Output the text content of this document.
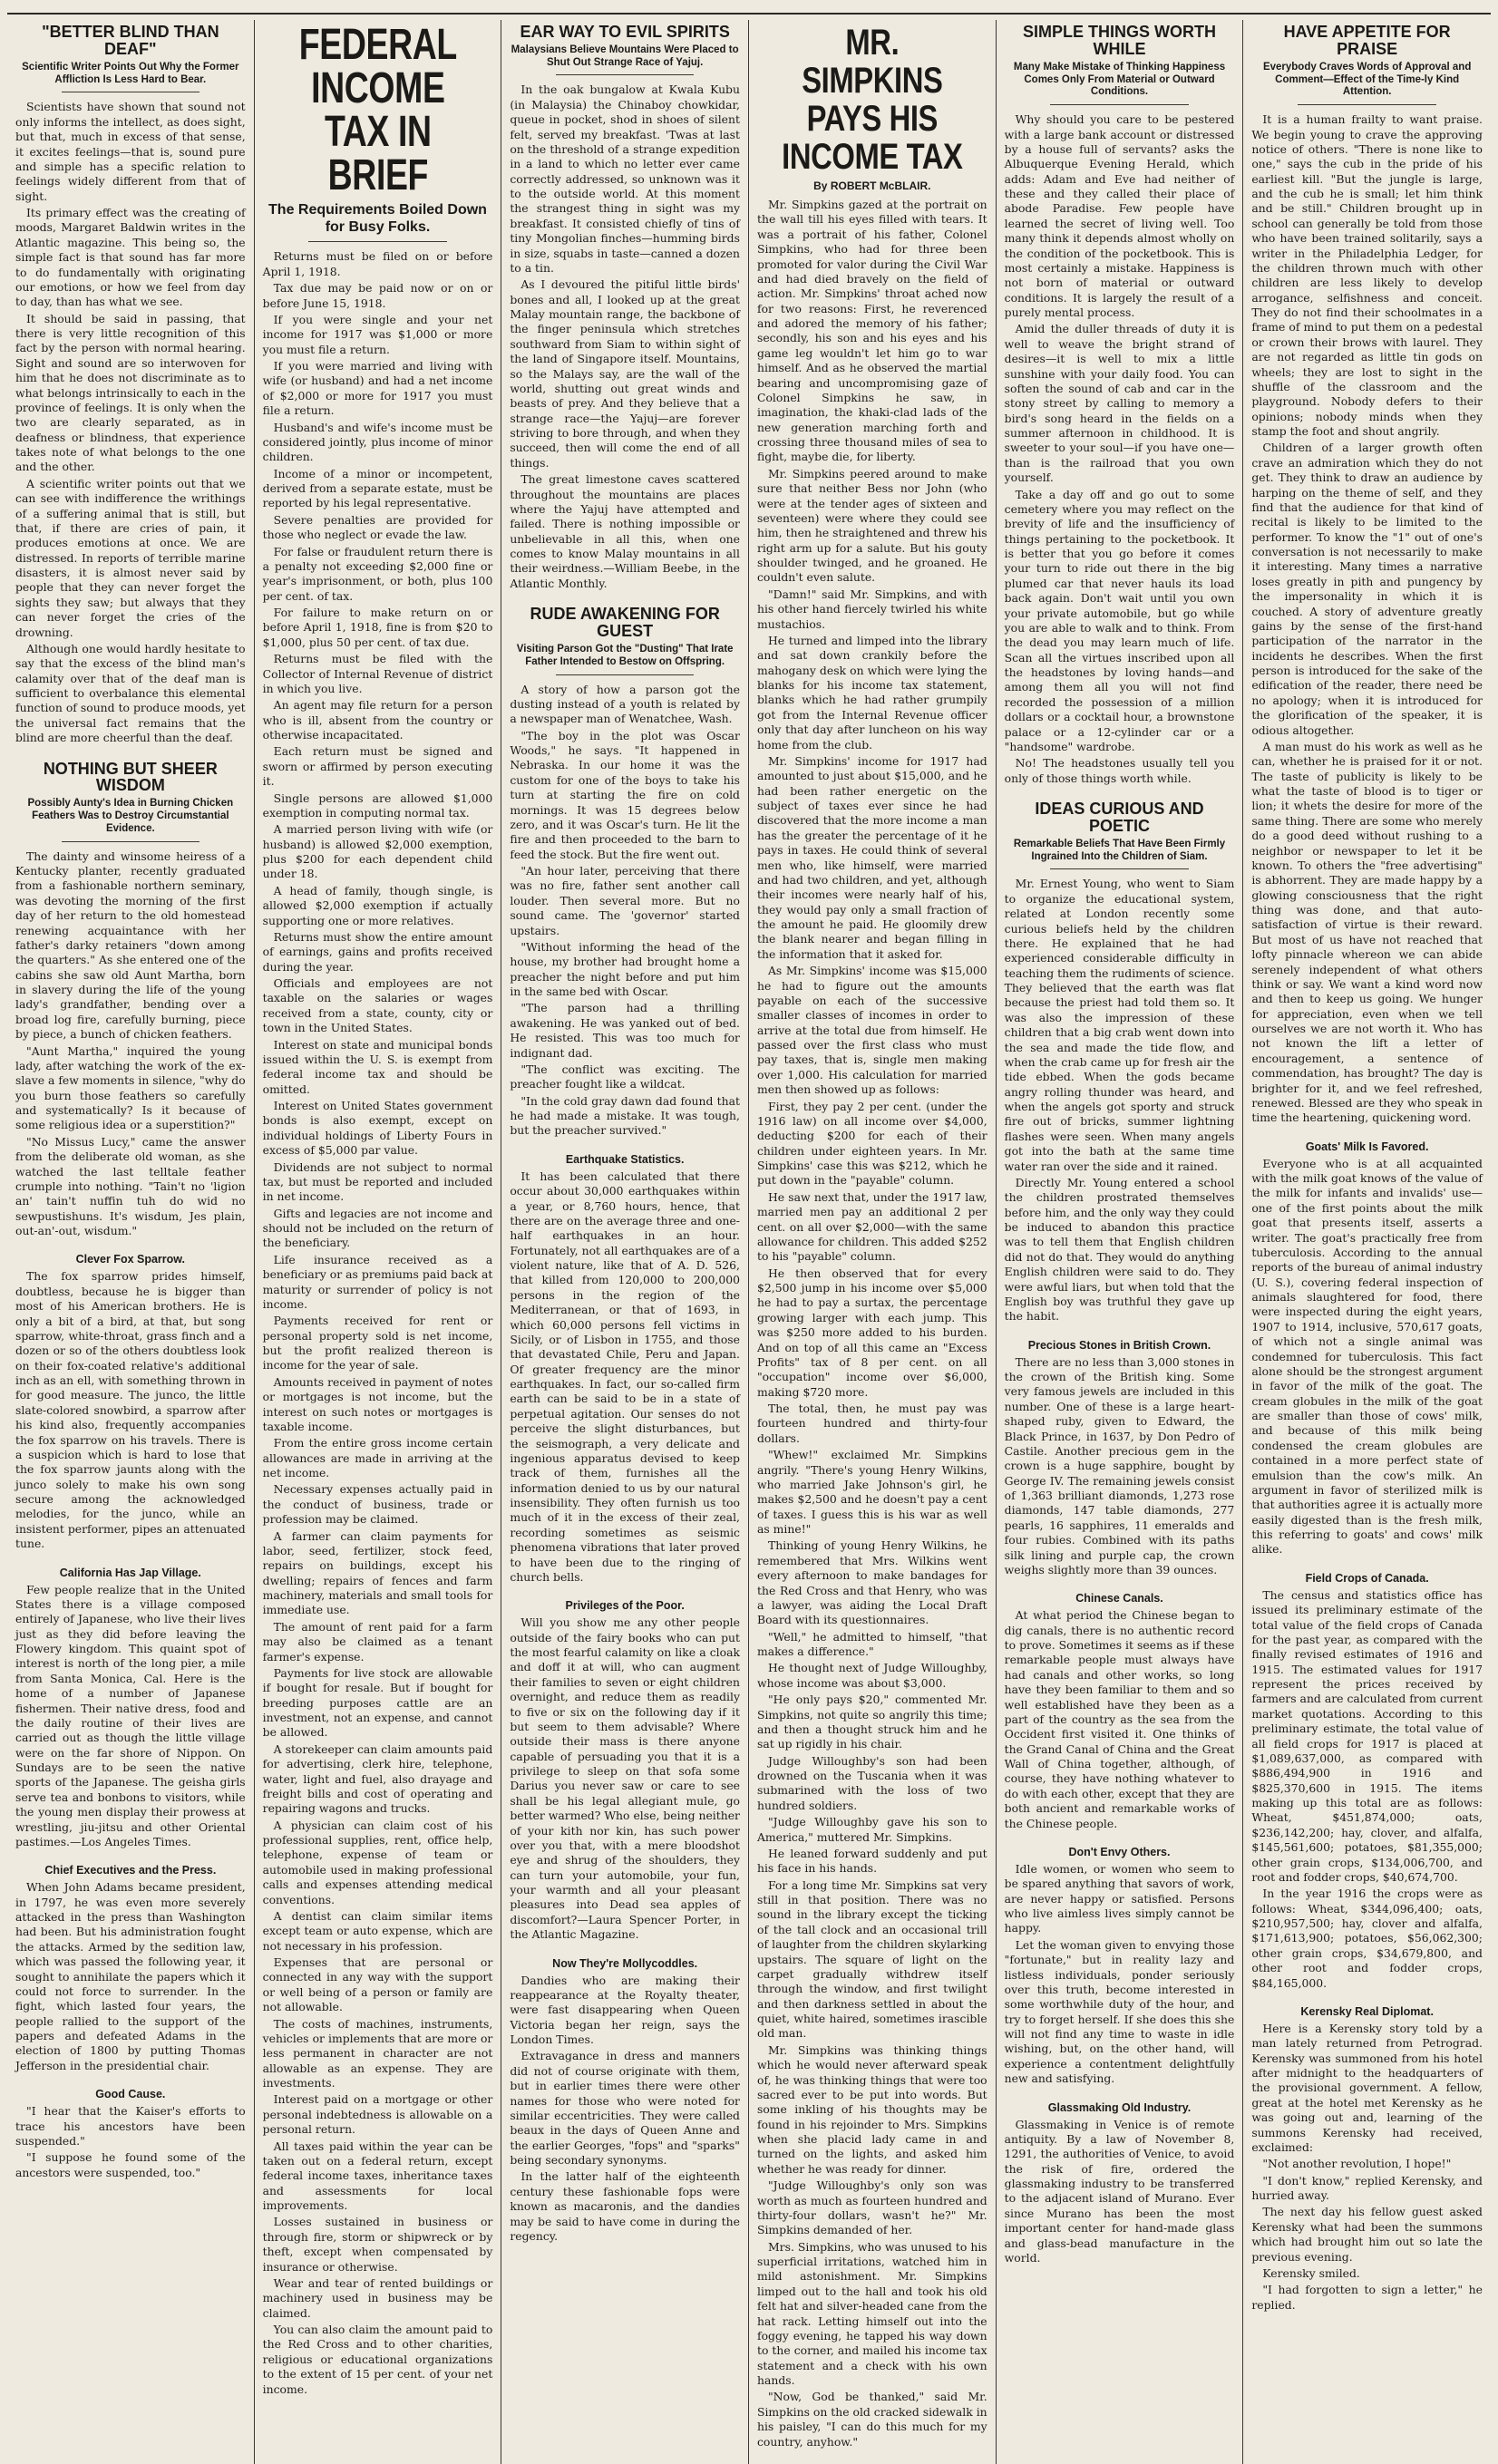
"BETTER BLIND THAN DEAF"
Scientific Writer Points Out Why the Former Affliction Is Less Hard to Bear.

Scientists have shown that sound not only informs the intellect, as does sight, but that, much in excess of that sense, it excites feelings—that is, sound pure and simple has a specific relation to feelings widely different from that of sight.

Its primary effect was the creating of moods, Margaret Baldwin writes in the Atlantic magazine. This being so, the simple fact is that sound has far more to do fundamentally with originating our emotions, or how we feel from day to day, than has what we see.

It should be said in passing, that there is very little recognition of this fact by the person with normal hearing. Sight and sound are so interwoven for him that he does not discriminate as to what belongs intrinsically to each in the province of feelings. It is only when the two are clearly separated, as in deafness or blindness, that experience takes note of what belongs to the one and the other.

A scientific writer points out that we can see with indifference the writhings of a suffering animal that is still, but that, if there are cries of pain, it produces emotions at once. We are distressed. In reports of terrible marine disasters, it is almost never said by people that they can never forget the sights they saw; but always that they can never forget the cries of the drowning.

Although one would hardly hesitate to say that the excess of the blind man's calamity over that of the deaf man is sufficient to overbalance this elemental function of sound to produce moods, yet the universal fact remains that the blind are more cheerful than the deaf.

NOTHING BUT SHEER WISDOM
Possibly Aunty's Idea in Burning Chicken Feathers Was to Destroy Circumstantial Evidence.

The dainty and winsome heiress of a Kentucky planter, recently graduated from a fashionable northern seminary, was devoting the morning of the first day of her return to the old homestead renewing acquaintance with her father's darky retainers "down among the quarters." As she entered one of the cabins she saw old Aunt Martha, born in slavery during the life of the young lady's grandfather, bending over a broad log fire, carefully burning, piece by piece, a bunch of chicken feathers.

"Aunt Martha," inquired the young lady, after watching the work of the ex-slave a few moments in silence, "why do you burn those feathers so carefully and systematically? Is it because of some religious idea or a superstition?"

"No Missus Lucy," came the answer from the deliberate old woman, as she watched the last telltale feather crumple into nothing. "Tain't no 'ligion an' tain't nuffin tuh do wid no sewpustishuns. It's wisdum, Jes plain, out-an'-out, wisdum."

Clever Fox Sparrow.

The fox sparrow prides himself, doubtless, because he is bigger than most of his American brothers. He is only a bit of a bird, at that, but song sparrow, white-throat, grass finch and a dozen or so of the others doubtless look on their fox-coated relative's additional inch as an ell, with something thrown in for good measure. The junco, the little slate-colored snowbird, a sparrow after his kind also, frequently accompanies the fox sparrow on his travels. There is a suspicion which is hard to lose that the fox sparrow jaunts along with the junco solely to make his own song secure among the acknowledged melodies, for the junco, while an insistent performer, pipes an attenuated tune.

California Has Jap Village.

Few people realize that in the United States there is a village composed entirely of Japanese, who live their lives just as they did before leaving the Flowery kingdom. This quaint spot of interest is north of the long pier, a mile from Santa Monica, Cal. Here is the home of a number of Japanese fishermen. Their native dress, food and the daily routine of their lives are carried out as though the little village were on the far shore of Nippon. On Sundays are to be seen the native sports of the Japanese. The geisha girls serve tea and bonbons to visitors, while the young men display their prowess at wrestling, jiu-jitsu and other Oriental pastimes.—Los Angeles Times.

Chief Executives and the Press.

When John Adams became president, in 1797, he was even more severely attacked in the press than Washington had been. But his administration fought the attacks. Armed by the sedition law, which was passed the following year, it sought to annihilate the papers which it could not force to surrender. In the fight, which lasted four years, the people rallied to the support of the papers and defeated Adams in the election of 1800 by putting Thomas Jefferson in the presidential chair.

Good Cause.

"I hear that the Kaiser's efforts to trace his ancestors have been suspended."

"I suppose he found some of the ancestors were suspended, too."

FEDERAL INCOME TAX IN BRIEF
The Requirements Boiled Down for Busy Folks.

Returns must be filed on or before April 1, 1918.

Tax due may be paid now or on or before June 15, 1918.

If you were single and your net income for 1917 was $1,000 or more you must file a return.

If you were married and living with wife (or husband) and had a net income of $2,000 or more for 1917 you must file a return.

Husband's and wife's income must be considered jointly, plus income of minor children.

Income of a minor or incompetent, derived from a separate estate, must be reported by his legal representative.

Severe penalties are provided for those who neglect or evade the law.

For false or fraudulent return there is a penalty not exceeding $2,000 fine or year's imprisonment, or both, plus 100 per cent. of tax.

For failure to make return on or before April 1, 1918, fine is from $20 to $1,000, plus 50 per cent. of tax due.

Returns must be filed with the Collector of Internal Revenue of district in which you live.

An agent may file return for a person who is ill, absent from the country or otherwise incapacitated.

Each return must be signed and sworn or affirmed by person executing it.

Single persons are allowed $1,000 exemption in computing normal tax.

A married person living with wife (or husband) is allowed $2,000 exemption, plus $200 for each dependent child under 18.

A head of family, though single, is allowed $2,000 exemption if actually supporting one or more relatives.

Returns must show the entire amount of earnings, gains and profits received during the year.

Officials and employees are not taxable on the salaries or wages received from a state, county, city or town in the United States.

Interest on state and municipal bonds issued within the U. S. is exempt from federal income tax and should be omitted.

Interest on United States government bonds is also exempt, except on individual holdings of Liberty Fours in excess of $5,000 par value.

Dividends are not subject to normal tax, but must be reported and included in net income.

Gifts and legacies are not income and should not be included on the return of the beneficiary.

Life insurance received as a beneficiary or as premiums paid back at maturity or surrender of policy is not income.

Payments received for rent or personal property sold is net income, but the profit realized thereon is income for the year of sale.

Amounts received in payment of notes or mortgages is not income, but the interest on such notes or mortgages is taxable income.

From the entire gross income certain allowances are made in arriving at the net income.

Necessary expenses actually paid in the conduct of business, trade or profession may be claimed.

A farmer can claim payments for labor, seed, fertilizer, stock feed, repairs on buildings, except his dwelling; repairs of fences and farm machinery, materials and small tools for immediate use.

The amount of rent paid for a farm may also be claimed as a tenant farmer's expense.

Payments for live stock are allowable if bought for resale. But if bought for breeding purposes cattle are an investment, not an expense, and cannot be allowed.

A storekeeper can claim amounts paid for advertising, clerk hire, telephone, water, light and fuel, also drayage and freight bills and cost of operating and repairing wagons and trucks.

A physician can claim cost of his professional supplies, rent, office help, telephone, expense of team or automobile used in making professional calls and expenses attending medical conventions.

A dentist can claim similar items except team or auto expense, which are not necessary in his profession.

Expenses that are personal or connected in any way with the support or well being of a person or family are not allowable.

The costs of machines, instruments, vehicles or implements that are more or less permanent in character are not allowable as an expense. They are investments.

Interest paid on a mortgage or other personal indebtedness is allowable on a personal return.

All taxes paid within the year can be taken out on a federal return, except federal income taxes, inheritance taxes and assessments for local improvements.

Losses sustained in business or through fire, storm or shipwreck or by theft, except when compensated by insurance or otherwise.

Wear and tear of rented buildings or machinery used in business may be claimed.

You can also claim the amount paid to the Red Cross and to other charities, religious or educational organizations to the extent of 15 per cent. of your net income.

EAR WAY TO EVIL SPIRITS
Malaysians Believe Mountains Were Placed to Shut Out Strange Race of Yajuj.

In the oak bungalow at Kwala Kubu (in Malaysia) the Chinaboy chowkidar, queue in pocket, shod in shoes of silent felt, served my breakfast. 'Twas at last on the threshold of a strange expedition in a land to which no letter ever came correctly addressed, so unknown was it to the outside world. At this moment the strangest thing in sight was my breakfast. It consisted chiefly of tins of tiny Mongolian finches—humming birds in size, squabs in taste—canned a dozen to a tin.

As I devoured the pitiful little birds' bones and all, I looked up at the great Malay mountain range, the backbone of the finger peninsula which stretches southward from Siam to within sight of the land of Singapore itself. Mountains, so the Malays say, are the wall of the world, shutting out great winds and beasts of prey. And they believe that a strange race—the Yajuj—are forever striving to bore through, and when they succeed, then will come the end of all things.

The great limestone caves scattered throughout the mountains are places where the Yajuj have attempted and failed. There is nothing impossible or unbelievable in all this, when one comes to know Malay mountains in all their weirdness.—William Beebe, in the Atlantic Monthly.

RUDE AWAKENING FOR GUEST
Visiting Parson Got the "Dusting" That Irate Father Intended to Bestow on Offspring.

A story of how a parson got the dusting instead of a youth is related by a newspaper man of Wenatchee, Wash.

"The boy in the plot was Oscar Woods," he says. "It happened in Nebraska. In our home it was the custom for one of the boys to take his turn at starting the fire on cold mornings. It was 15 degrees below zero, and it was Oscar's turn. He lit the fire and then proceeded to the barn to feed the stock. But the fire went out.

"An hour later, perceiving that there was no fire, father sent another call louder. Then several more. But no sound came. The 'governor' started upstairs.

"Without informing the head of the house, my brother had brought home a preacher the night before and put him in the same bed with Oscar.

"The parson had a thrilling awakening. He was yanked out of bed. He resisted. This was too much for indignant dad.

"The conflict was exciting. The preacher fought like a wildcat.

"In the cold gray dawn dad found that he had made a mistake. It was tough, but the preacher survived."

Earthquake Statistics.

It has been calculated that there occur about 30,000 earthquakes within a year, or 8,760 hours, hence, that there are on the average three and one-half earthquakes in an hour. Fortunately, not all earthquakes are of a violent nature, like that of A. D. 526, that killed from 120,000 to 200,000 persons in the region of the Mediterranean, or that of 1693, in which 60,000 persons fell victims in Sicily, or of Lisbon in 1755, and those that devastated Chile, Peru and Japan. Of greater frequency are the minor earthquakes. In fact, our so-called firm earth can be said to be in a state of perpetual agitation. Our senses do not perceive the slight disturbances, but the seismograph, a very delicate and ingenious apparatus devised to keep track of them, furnishes all the information denied to us by our natural insensibility. They often furnish us too much of it in the excess of their zeal, recording sometimes as seismic phenomena vibrations that later proved to have been due to the ringing of church bells.

Privileges of the Poor.

Will you show me any other people outside of the fairy books who can put the most fearful calamity on like a cloak and doff it at will, who can augment their families to seven or eight children overnight, and reduce them as readily to five or six on the following day if it but seem to them advisable? Where outside their mass is there anyone capable of persuading you that it is a privilege to sleep on that sofa some Darius you never saw or care to see shall be his legal allegiant mule, go better warmed? Who else, being neither of your kith nor kin, has such power over you that, with a mere bloodshot eye and shrug of the shoulders, they can turn your automobile, your fun, your warmth and all your pleasant pleasures into Dead sea apples of discomfort?—Laura Spencer Porter, in the Atlantic Magazine.

Now They're Mollycoddles.

Dandies who are making their reappearance at the Royalty theater, were fast disappearing when Queen Victoria began her reign, says the London Times.

Extravagance in dress and manners did not of course originate with them, but in earlier times there were other names for those who were noted for similar eccentricities. They were called beaux in the days of Queen Anne and the earlier Georges, "fops" and "sparks" being secondary synonyms.

In the latter half of the eighteenth century these fashionable fops were known as macaronis, and the dandies may be said to have come in during the regency.

MR. SIMPKINS PAYS HIS INCOME TAX
By ROBERT McBLAIR.

Mr. Simpkins gazed at the portrait on the wall till his eyes filled with tears. It was a portrait of his father, Colonel Simpkins, who had for three been promoted for valor during the Civil War and had died bravely on the field of action. Mr. Simpkins' throat ached now for two reasons: First, he reverenced and adored the memory of his father; secondly, his son and his eyes and his game leg wouldn't let him go to war himself. And as he observed the martial bearing and uncompromising gaze of Colonel Simpkins he saw, in imagination, the khaki-clad lads of the new generation marching forth and crossing three thousand miles of sea to fight, maybe die, for liberty.

Mr. Simpkins peered around to make sure that neither Bess nor John (who were at the tender ages of sixteen and seventeen) were where they could see him, then he straightened and threw his right arm up for a salute. But his gouty shoulder twinged, and he groaned. He couldn't even salute.

"Damn!" said Mr. Simpkins, and with his other hand fiercely twirled his white mustachios.

He turned and limped into the library and sat down crankily before the mahogany desk on which were lying the blanks for his income tax statement, blanks which he had rather grumpily got from the Internal Revenue officer only that day after luncheon on his way home from the club.

Mr. Simpkins' income for 1917 had amounted to just about $15,000, and he had been rather energetic on the subject of taxes ever since he had discovered that the more income a man has the greater the percentage of it he pays in taxes. He could think of several men who, like himself, were married and had two children, and yet, although their incomes were nearly half of his, they would pay only a small fraction of the amount he paid. He gloomily drew the blank nearer and began filling in the information that it asked for.

As Mr. Simpkins' income was $15,000 he had to figure out the amounts payable on each of the successive smaller classes of incomes in order to arrive at the total due from himself. He passed over the first class who must pay taxes, that is, single men making over 1,000. His calculation for married men then showed up as follows:

First, they pay 2 per cent. (under the 1916 law) on all income over $4,000, deducting $200 for each of their children under eighteen years. In Mr. Simpkins' case this was $212, which he put down in the "payable" column.

He saw next that, under the 1917 law, married men pay an additional 2 per cent. on all over $2,000—with the same allowance for children. This added $252 to his "payable" column.

He then observed that for every $2,500 jump in his income over $5,000 he had to pay a surtax, the percentage growing larger with each jump. This was $250 more added to his burden. And on top of all this came an "Excess Profits" tax of 8 per cent. on all "occupation" income over $6,000, making $720 more.

The total, then, he must pay was fourteen hundred and thirty-four dollars.

"Whew!" exclaimed Mr. Simpkins angrily. "There's young Henry Wilkins, who married Jake Johnson's girl, he makes $2,500 and he doesn't pay a cent of taxes. I guess this is his war as well as mine!"

Thinking of young Henry Wilkins, he remembered that Mrs. Wilkins went every afternoon to make bandages for the Red Cross and that Henry, who was a lawyer, was aiding the Local Draft Board with its questionnaires.

"Well," he admitted to himself, "that makes a difference."

He thought next of Judge Willoughby, whose income was about $3,000.

"He only pays $20," commented Mr. Simpkins, not quite so angrily this time; and then a thought struck him and he sat up rigidly in his chair.

Judge Willoughby's son had been drowned on the Tuscania when it was submarined with the loss of two hundred soldiers.

"Judge Willoughby gave his son to America," muttered Mr. Simpkins.

He leaned forward suddenly and put his face in his hands.

For a long time Mr. Simpkins sat very still in that position. There was no sound in the library except the ticking of the tall clock and an occasional trill of laughter from the children skylarking upstairs. The square of light on the carpet gradually withdrew itself through the window, and first twilight and then darkness settled in about the quiet, white haired, sometimes irascible old man.

Mr. Simpkins was thinking things which he would never afterward speak of, he was thinking things that were too sacred ever to be put into words. But some inkling of his thoughts may be found in his rejoinder to Mrs. Simpkins when she placid lady came in and turned on the lights, and asked him whether he was ready for dinner.

"Judge Willoughby's only son was worth as much as fourteen hundred and thirty-four dollars, wasn't he?" Mr. Simpkins demanded of her.

Mrs. Simpkins, who was unused to his superficial irritations, watched him in mild astonishment. Mr. Simpkins limped out to the hall and took his old felt hat and silver-headed cane from the hat rack. Letting himself out into the foggy evening, he tapped his way down to the corner, and mailed his income tax statement and a check with his own hands.

"Now, God be thanked," said Mr. Simpkins on the old cracked sidewalk in his paisley, "I can do this much for my country, anyhow."

SIMPLE THINGS WORTH WHILE
Many Make Mistake of Thinking Happiness Comes Only From Material or Outward Conditions.

Why should you care to be pestered with a large bank account or distressed by a house full of servants? asks the Albuquerque Evening Herald, which adds: Adam and Eve had neither of these and they called their place of abode Paradise. Few people have learned the secret of living well. Too many think it depends almost wholly on the condition of the pocketbook. This is most certainly a mistake. Happiness is not born of material or outward conditions. It is largely the result of a purely mental process.

Amid the duller threads of duty it is well to weave the bright strand of desires—it is well to mix a little sunshine with your daily food. You can soften the sound of cab and car in the stony street by calling to memory a bird's song heard in the fields on a summer afternoon in childhood. It is sweeter to your soul—if you have one—than is the railroad that you own yourself.

Take a day off and go out to some cemetery where you may reflect on the brevity of life and the insufficiency of things pertaining to the pocketbook. It is better that you go before it comes your turn to ride out there in the big plumed car that never hauls its load back again. Don't wait until you own your private automobile, but go while you are able to walk and to think. From the dead you may learn much of life. Scan all the virtues inscribed upon all the headstones by loving hands—and among them all you will not find recorded the possession of a million dollars or a cocktail hour, a brownstone palace or a 12-cylinder car or a "handsome" wardrobe.

No! The headstones usually tell you only of those things worth while.

IDEAS CURIOUS AND POETIC
Remarkable Beliefs That Have Been Firmly Ingrained Into the Children of Siam.

Mr. Ernest Young, who went to Siam to organize the educational system, related at London recently some curious beliefs held by the children there. He explained that he had experienced considerable difficulty in teaching them the rudiments of science. They believed that the earth was flat because the priest had told them so. It was also the impression of these children that a big crab went down into the sea and made the tide flow, and when the crab came up for fresh air the tide ebbed. When the gods became angry rolling thunder was heard, and when the angels got sporty and struck fire out of bricks, summer lightning flashes were seen. When many angels got into the bath at the same time water ran over the side and it rained.

Directly Mr. Young entered a school the children prostrated themselves before him, and the only way they could be induced to abandon this practice was to tell them that English children did not do that. They would do anything English children were said to do. They were awful liars, but when told that the English boy was truthful they gave up the habit.

Precious Stones in British Crown.

There are no less than 3,000 stones in the crown of the British king. Some very famous jewels are included in this number. One of these is a large heart-shaped ruby, given to Edward, the Black Prince, in 1637, by Don Pedro of Castile. Another precious gem in the crown is a huge sapphire, bought by George IV. The remaining jewels consist of 1,363 brilliant diamonds, 1,273 rose diamonds, 147 table diamonds, 277 pearls, 16 sapphires, 11 emeralds and four rubies. Combined with its paths silk lining and purple cap, the crown weighs slightly more than 39 ounces.

Chinese Canals.

At what period the Chinese began to dig canals, there is no authentic record to prove. Sometimes it seems as if these remarkable people must always have had canals and other works, so long have they been familiar to them and so well established have they been as a part of the country as the sea from the Occident first visited it. One thinks of the Grand Canal of China and the Great Wall of China together, although, of course, they have nothing whatever to do with each other, except that they are both ancient and remarkable works of the Chinese people.

Don't Envy Others.

Idle women, or women who seem to be spared anything that savors of work, are never happy or satisfied. Persons who live aimless lives simply cannot be happy.

Let the woman given to envying those "fortunate," but in reality lazy and listless individuals, ponder seriously over this truth, become interested in some worthwhile duty of the hour, and try to forget herself. If she does this she will not find any time to waste in idle wishing, but, on the other hand, will experience a contentment delightfully new and satisfying.

Glassmaking Old Industry.

Glassmaking in Venice is of remote antiquity. By a law of November 8, 1291, the authorities of Venice, to avoid the risk of fire, ordered the glassmaking industry to be transferred to the adjacent island of Murano. Ever since Murano has been the most important center for hand-made glass and glass-bead manufacture in the world.

HAVE APPETITE FOR PRAISE
Everybody Craves Words of Approval and Comment—Effect of the Time-ly Kind Attention.

It is a human frailty to want praise. We begin young to crave the approving notice of others. "There is none like to one," says the cub in the pride of his earliest kill. "But the jungle is large, and the cub he is small; let him think and be still." Children brought up in school can generally be told from those who have been trained solitarily, says a writer in the Philadelphia Ledger, for the children thrown much with other children are less likely to develop arrogance, selfishness and conceit. They do not find their schoolmates in a frame of mind to put them on a pedestal or crown their brows with laurel. They are not regarded as little tin gods on wheels; they are lost to sight in the shuffle of the classroom and the playground. Nobody defers to their opinions; nobody minds when they stamp the foot and shout angrily.

Children of a larger growth often crave an admiration which they do not get. They think to draw an audience by harping on the theme of self, and they find that the audience for that kind of recital is likely to be limited to the performer. To know the "1" out of one's conversation is not necessarily to make it interesting. Many times a narrative loses greatly in pith and pungency by the impersonality in which it is couched. A story of adventure greatly gains by the sense of the first-hand participation of the narrator in the incidents he describes. When the first person is introduced for the sake of the edification of the reader, there need be no apology; when it is introduced for the glorification of the speaker, it is odious altogether.

A man must do his work as well as he can, whether he is praised for it or not. The taste of publicity is likely to be what the taste of blood is to tiger or lion; it whets the desire for more of the same thing. There are some who merely do a good deed without rushing to a neighbor or newspaper to let it be known. To others the "free advertising" is abhorrent. They are made happy by a glowing consciousness that the right thing was done, and that auto-satisfaction of virtue is their reward. But most of us have not reached that lofty pinnacle whereon we can abide serenely independent of what others think or say. We want a kind word now and then to keep us going. We hunger for appreciation, even when we tell ourselves we are not worth it. Who has not known the lift a letter of encouragement, a sentence of commendation, has brought? The day is brighter for it, and we feel refreshed, renewed. Blessed are they who speak in time the heartening, quickening word.

Goats' Milk Is Favored.

Everyone who is at all acquainted with the milk goat knows of the value of the milk for infants and invalids' use—one of the first points about the milk goat that presents itself, asserts a writer. The goat's practically free from tuberculosis. According to the annual reports of the bureau of animal industry (U. S.), covering federal inspection of animals slaughtered for food, there were inspected during the eight years, 1907 to 1914, inclusive, 570,617 goats, of which not a single animal was condemned for tuberculosis. This fact alone should be the strongest argument in favor of the milk of the goat. The cream globules in the milk of the goat are smaller than those of cows' milk, and because of this milk being condensed the cream globules are contained in a more perfect state of emulsion than the cow's milk. An argument in favor of sterilized milk is that authorities agree it is actually more easily digested than is the fresh milk, this referring to goats' and cows' milk alike.

Field Crops of Canada.

The census and statistics office has issued its preliminary estimate of the total value of the field crops of Canada for the past year, as compared with the finally revised estimates of 1916 and 1915. The estimated values for 1917 represent the prices received by farmers and are calculated from current market quotations. According to this preliminary estimate, the total value of all field crops for 1917 is placed at $1,089,637,000, as compared with $886,494,900 in 1916 and $825,370,600 in 1915. The items making up this total are as follows: Wheat, $451,874,000; oats, $236,142,200; hay, clover, and alfalfa, $145,561,600; potatoes, $81,355,000; other grain crops, $134,006,700, and root and fodder crops, $40,674,700.

In the year 1916 the crops were as follows: Wheat, $344,096,400; oats, $210,957,500; hay, clover and alfalfa, $171,613,900; potatoes, $56,062,300; other grain crops, $34,679,800, and other root and fodder crops, $84,165,000.

Kerensky Real Diplomat.

Here is a Kerensky story told by a man lately returned from Petrograd. Kerensky was summoned from his hotel after midnight to the headquarters of the provisional government. A fellow, great at the hotel met Kerensky as he was going out and, learning of the summons Kerensky had received, exclaimed:

"Not another revolution, I hope!"

"I don't know," replied Kerensky, and hurried away.

The next day his fellow guest asked Kerensky what had been the summons which had brought him out so late the previous evening.

Kerensky smiled.

"I had forgotten to sign a letter," he replied.
